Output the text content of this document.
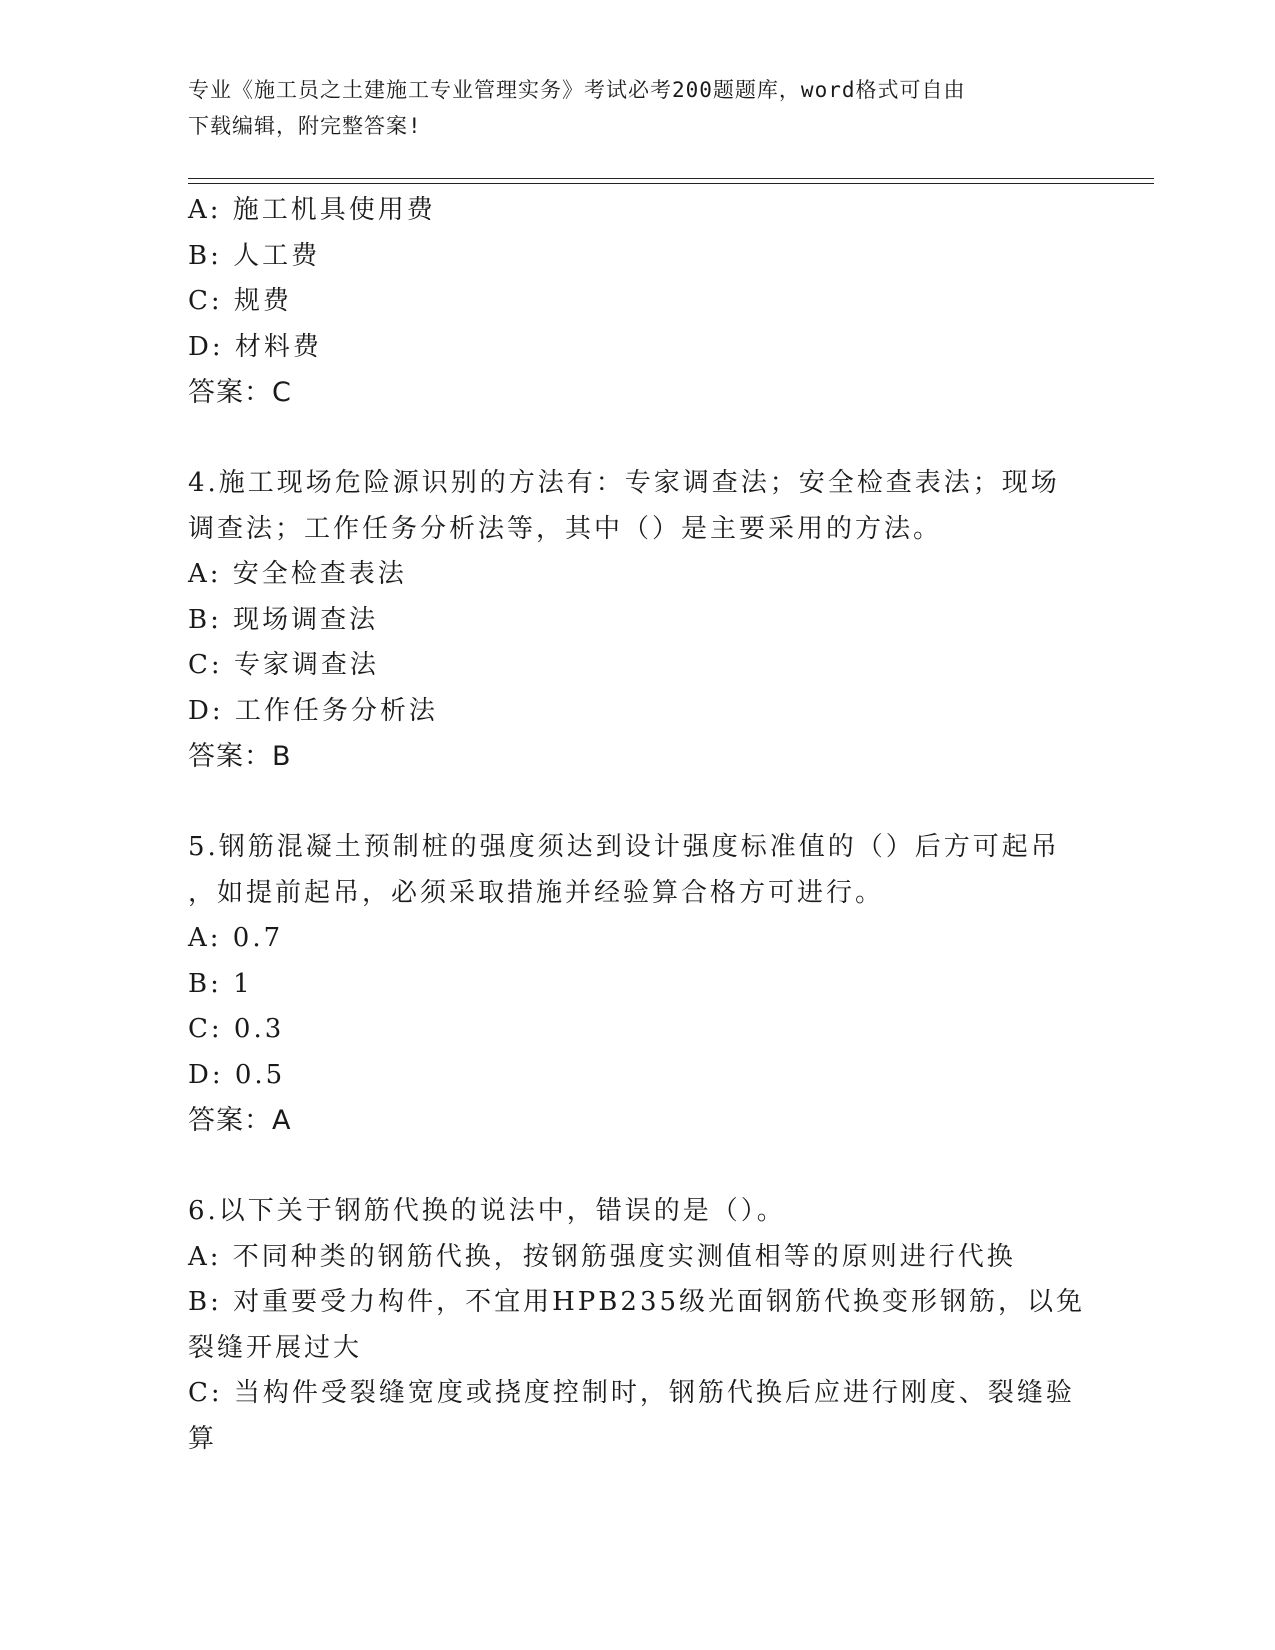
专业《施工员之土建施工专业管理实务》考试必考200题题库，word格式可自由
下载编辑，附完整答案!
A: 施工机具使用费
B: 人工费
C: 规费
D: 材料费
答案：C
4.施工现场危险源识别的方法有：专家调查法；安全检查表法；现场
调查法；工作任务分析法等，其中（）是主要采用的方法。
A: 安全检查表法
B: 现场调查法
C: 专家调查法
D: 工作任务分析法
答案：B
5.钢筋混凝土预制桩的强度须达到设计强度标准值的（）后方可起吊
，如提前起吊，必须采取措施并经验算合格方可进行。
A: 0.7
B: 1
C: 0.3
D: 0.5
答案：A
6.以下关于钢筋代换的说法中，错误的是（）。
A: 不同种类的钢筋代换，按钢筋强度实测值相等的原则进行代换
B: 对重要受力构件，不宜用HPB235级光面钢筋代换变形钢筋，以免
裂缝开展过大
C: 当构件受裂缝宽度或挠度控制时，钢筋代换后应进行刚度、裂缝验
算
